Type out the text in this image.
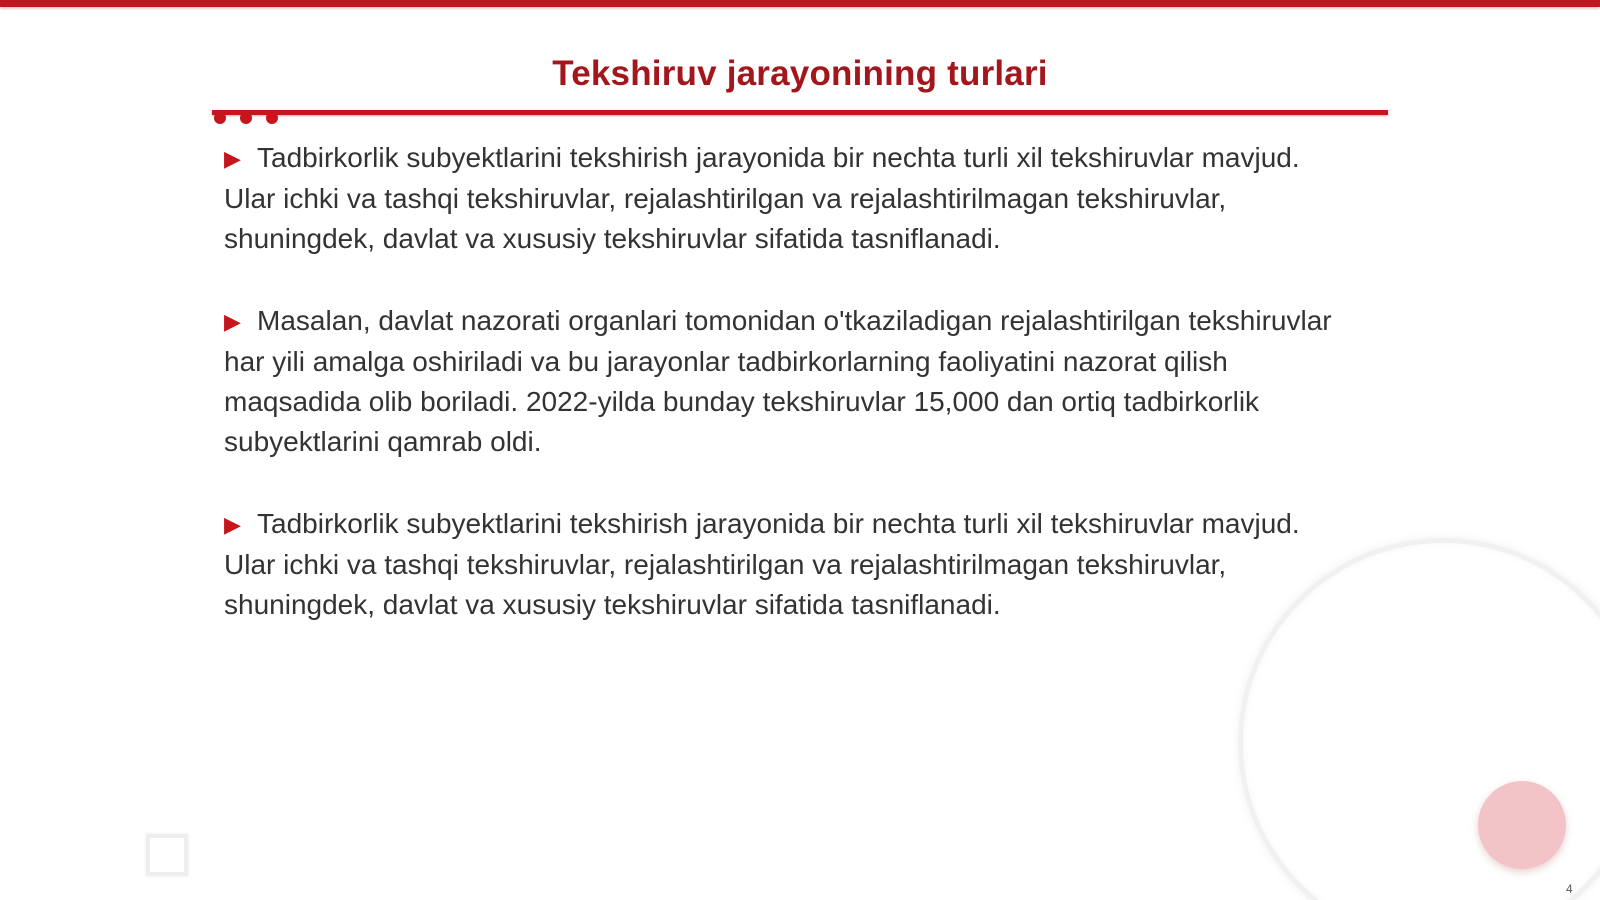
Tekshiruv jarayonining turlari

▶ Tadbirkorlik subyektlarini tekshirish jarayonida bir nechta turli xil tekshiruvlar mavjud. Ular ichki va tashqi tekshiruvlar, rejalashtirilgan va rejalashtirilmagan tekshiruvlar, shuningdek, davlat va xususiy tekshiruvlar sifatida tasniflanadi.

▶ Masalan, davlat nazorati organlari tomonidan o'tkaziladigan rejalashtirilgan tekshiruvlar har yili amalga oshiriladi va bu jarayonlar tadbirkorlarning faoliyatini nazorat qilish maqsadida olib boriladi. 2022-yilda bunday tekshiruvlar 15,000 dan ortiq tadbirkorlik subyektlarini qamrab oldi.

▶ Tadbirkorlik subyektlarini tekshirish jarayonida bir nechta turli xil tekshiruvlar mavjud. Ular ichki va tashqi tekshiruvlar, rejalashtirilgan va rejalashtirilmagan tekshiruvlar, shuningdek, davlat va xususiy tekshiruvlar sifatida tasniflanadi.

4
